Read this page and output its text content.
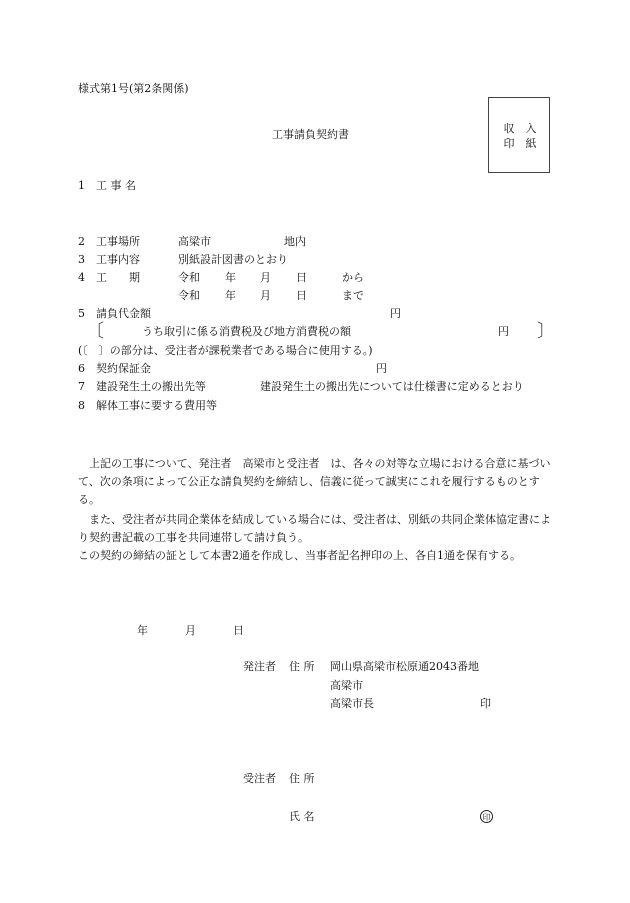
様式第1号(第2条関係)
工事請負契約書	収　入
印　紙
1 工 事 名
2 工事場所	高梁市	地内
3 工事内容	別紙設計図書のとおり
4 工　　期	令和 年 月 日	から
令和 年 月 日	まで
5 請負代金額	円
〔	うち取引に係る消費税及び地方消費税の額	円 〕
(〔　〕の部分は、受注者が課税業者である場合に使用する。)
6 契約保証金	円
7 建設発生土の搬出先等	建設発生土の搬出先については仕様書に定めるとおり
8 解体工事に要する費用等
上記の工事について、発注者　高梁市と受注者　は、各々の対等な立場における合意に基づいて、次の条項によって公正な請負契約を締結し、信義に従って誠実にこれを履行するものとする。
また、受注者が共同企業体を結成している場合には、受注者は、別紙の共同企業体協定書により契約書記載の工事を共同連帯して請け負う。
この契約の締結の証として本書2通を作成し、当事者記名押印の上、各自1通を保有する。
年	月	日
発注者 住 所 岡山県高梁市松原通2043番地
高梁市
高梁市長	印
受注者 住 所
氏 名	印
